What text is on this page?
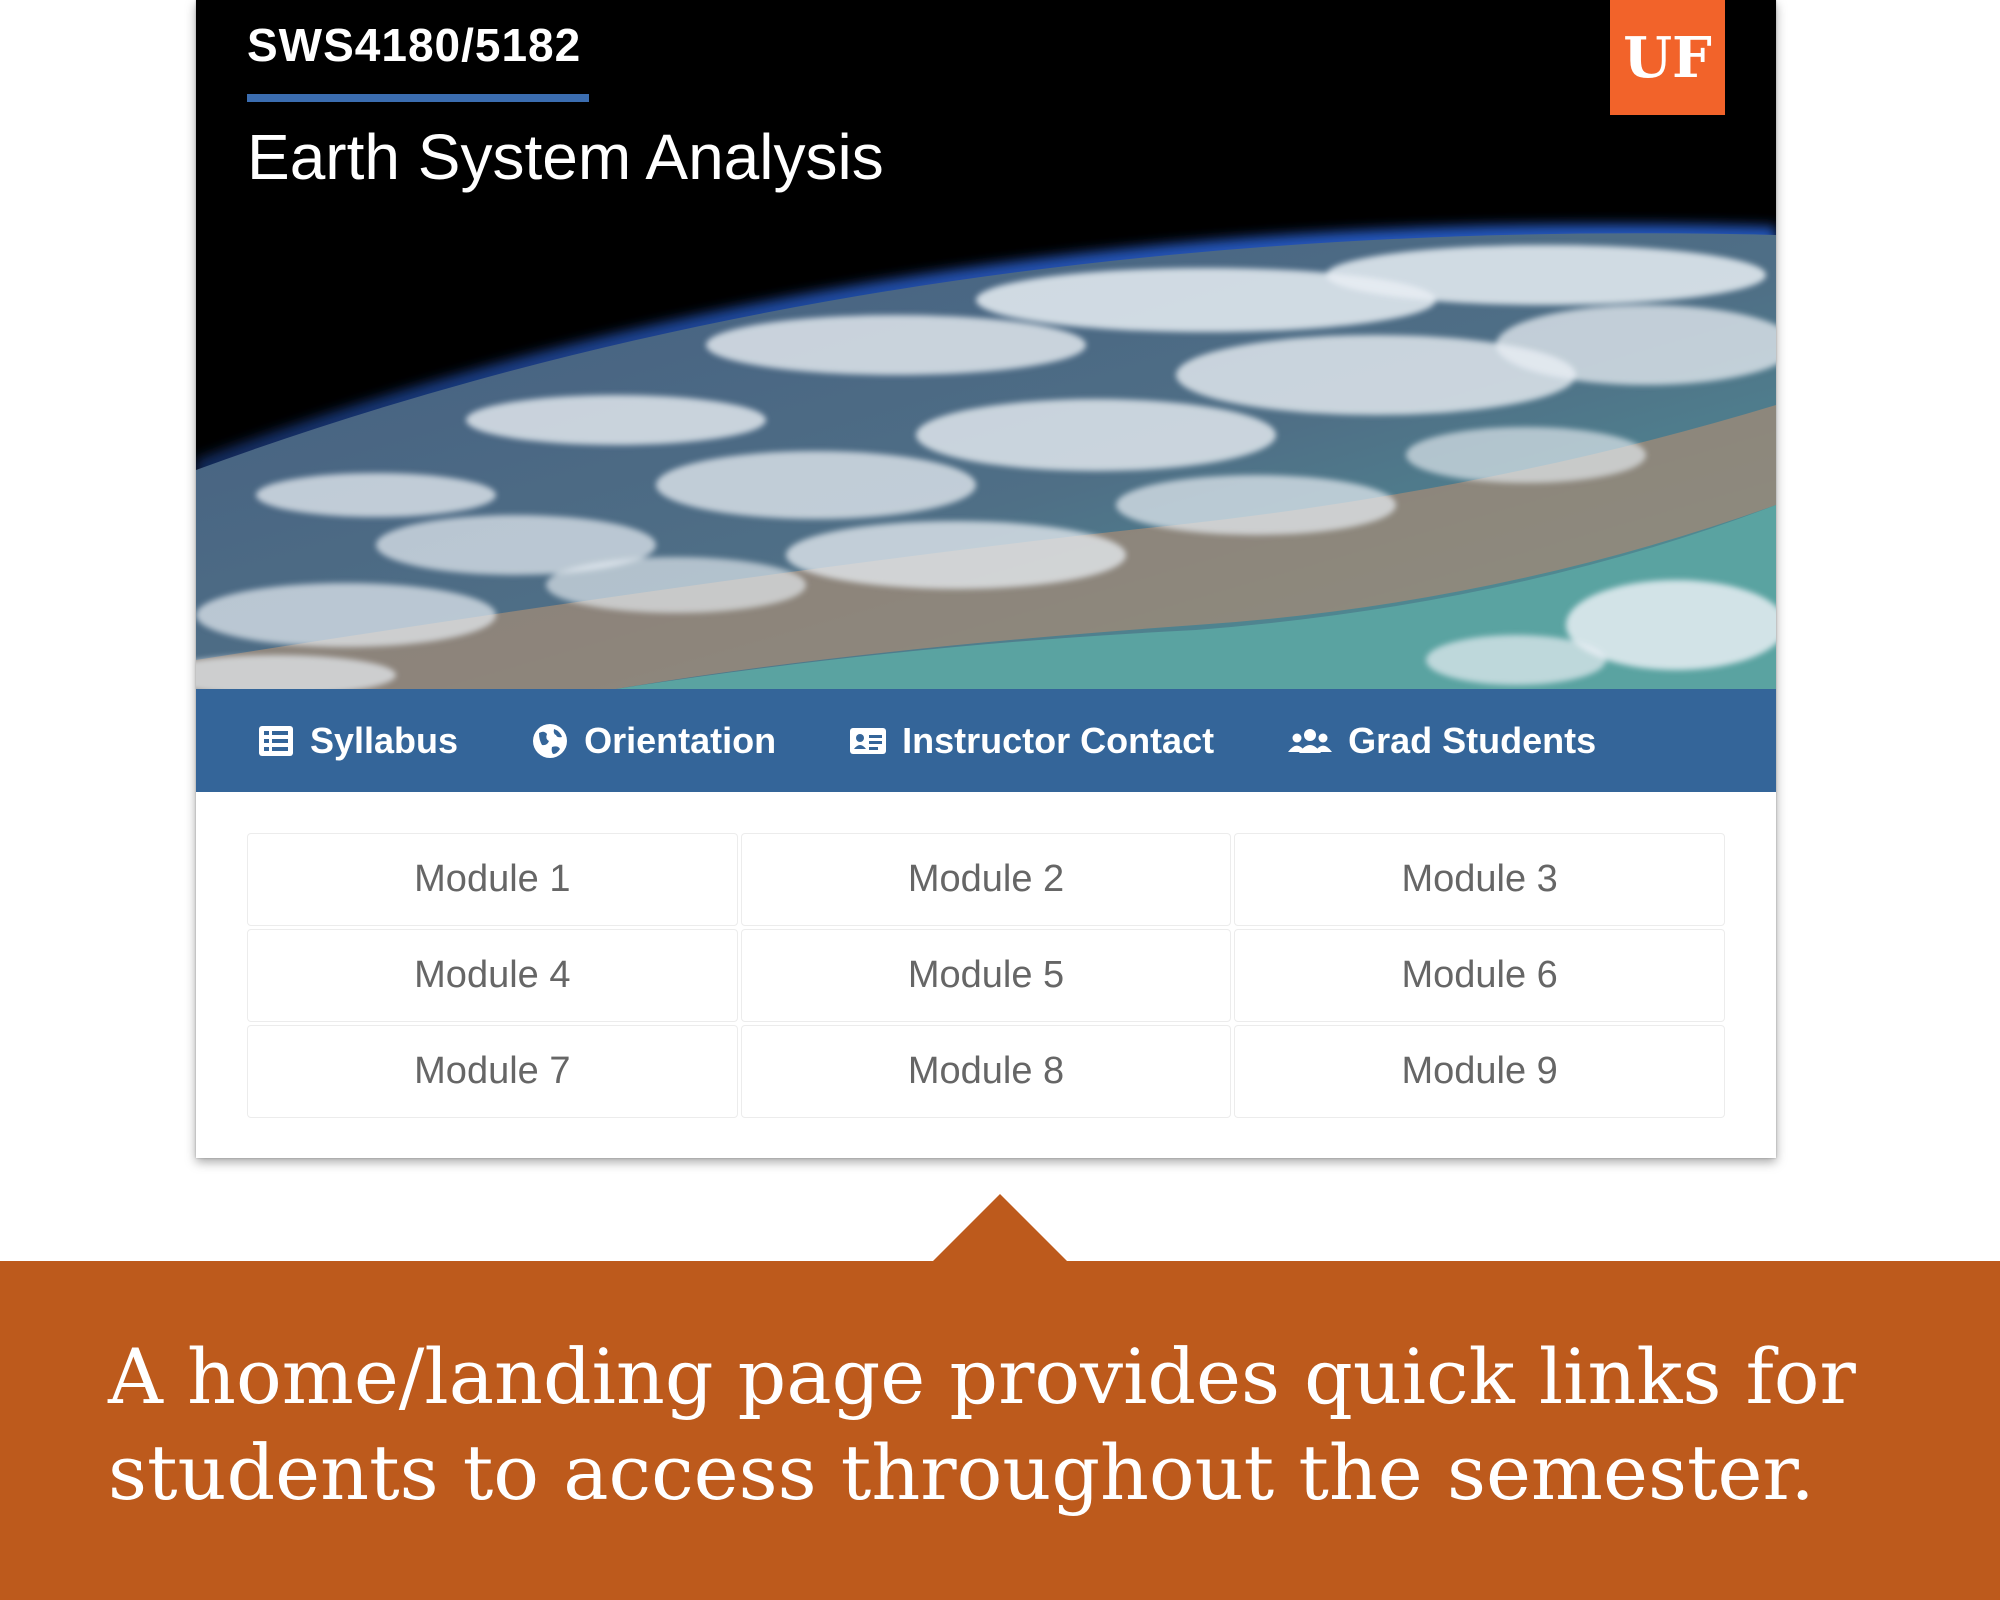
SWS4180/5182
Earth System Analysis
UF
Syllabus	Orientation	Instructor Contact	Grad Students
Module 1	Module 2	Module 3
Module 4	Module 5	Module 6
Module 7	Module 8	Module 9
A home/landing page provides quick links for students to access throughout the semester.
